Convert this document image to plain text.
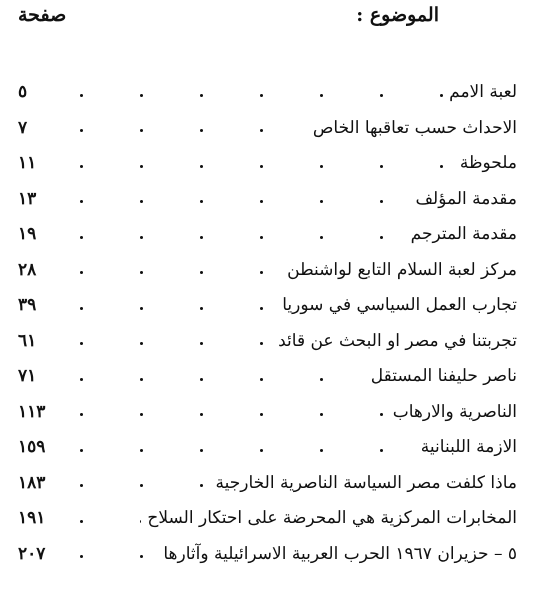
الموضوع :
صفحة
لعبة الامم
٥
الاحداث حسب تعاقبها الخاص
٧
ملحوظة
١١
مقدمة المؤلف
١٣
مقدمة المترجم
١٩
مركز لعبة السلام التابع لواشنطن
٢٨
تجارب العمل السياسي في سوريا
٣٩
تجربتنا في مصر او البحث عن قائد
٦١
ناصر حليفنا المستقل
٧١
الناصرية والارهاب
١١٣
الازمة اللبنانية
١٥٩
ماذا كلفت مصر السياسة الناصرية الخارجية
١٨٣
المخابرات المركزية هي المحرضة على احتكار السلاح
١٩١
٥ – حزيران ١٩٦٧ الحرب العربية الاسرائيلية وآثارها
٢٠٧
